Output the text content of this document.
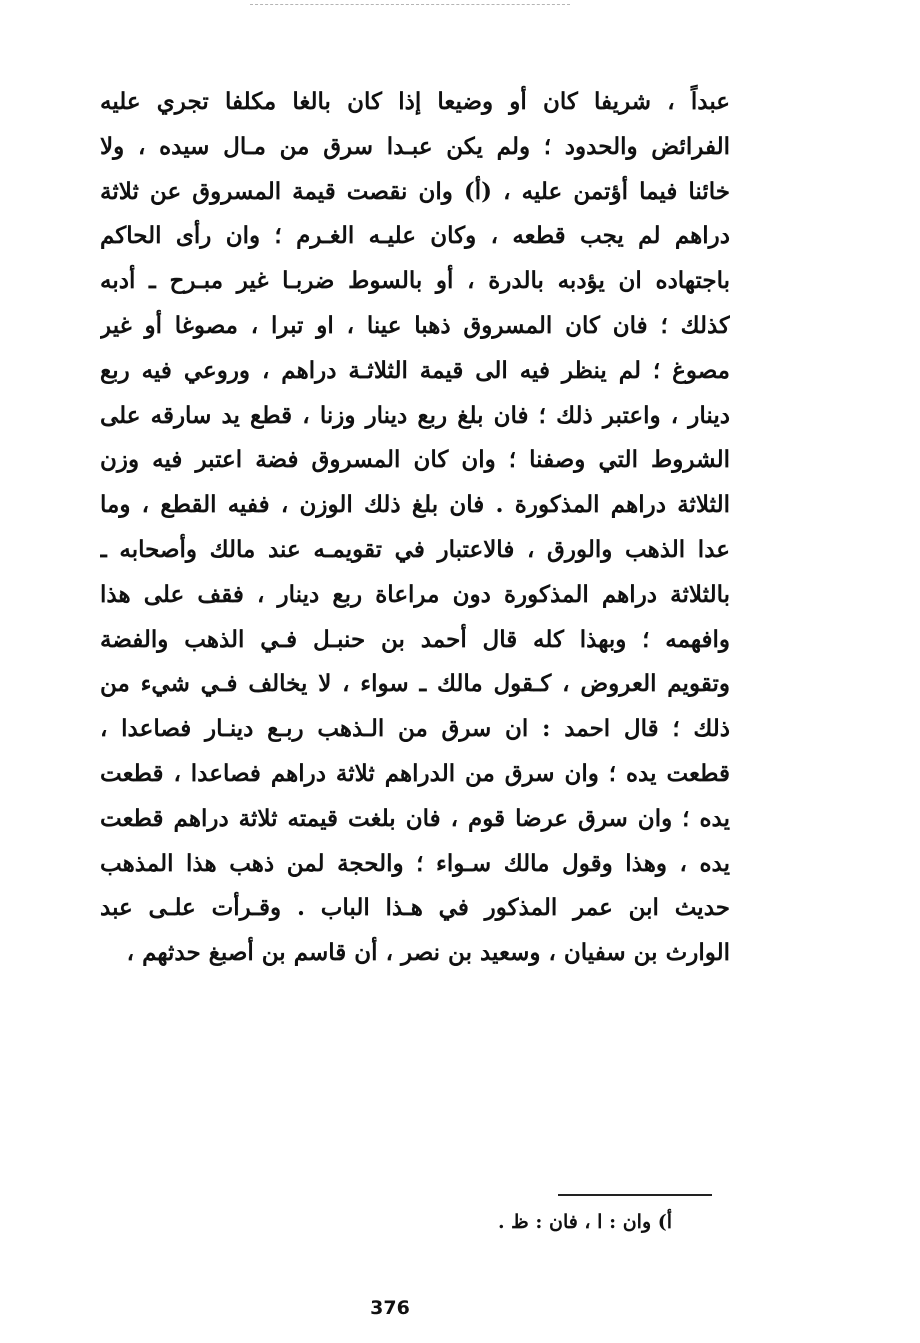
عبداً ، شريفا كان أو وضيعا إذا كان بالغا مكلفا تجري عليه
الفرائض والحدود ؛ ولم يكن عبـدا سرق من مـال سيده ، ولا
خائنا فيما أؤتمن عليه ، (أ) وان نقصت قيمة المسروق عن ثلاثة
دراهم لم يجب قطعه ، وكان عليـه الغـرم ؛ وان رأى الحاكم
باجتهاده ان يؤدبه بالدرة ، أو بالسوط ضربـا غير مبـرح ـ أدبه
كذلك ؛ فان كان المسروق ذهبا عينا ، او تبرا ، مصوغا أو غير
مصوغ ؛ لم ينظر فيه الى قيمة الثلاثـة دراهم ، وروعي فيه ربع
دينار ، واعتبر ذلك ؛ فان بلغ ربع دينار وزنا ، قطع يد سارقه على
الشروط التي وصفنا ؛ وان كان المسروق فضة اعتبر فيه وزن
الثلاثة دراهم المذكورة . فان بلغ ذلك الوزن ، ففيه القطع ، وما
عدا الذهب والورق ، فالاعتبار في تقويمـه عند مالك وأصحابه ـ
بالثلاثة دراهم المذكورة دون مراعاة ربع دينار ، فقف على هذا
وافهمه ؛ وبهذا كله قال أحمد بن حنبـل فـي الذهب والفضة
وتقويم العروض ، كـقول مالك ـ سواء ، لا يخالف فـي شيء من
ذلك ؛ قال احمد : ان سرق من الـذهب ربـع دينـار فصاعدا ،
قطعت يده ؛ وان سرق من الدراهم ثلاثة دراهم فصاعدا ، قطعت
يده ؛ وان سرق عرضا قوم ، فان بلغت قيمته ثلاثة دراهم قطعت
يده ، وهذا وقول مالك سـواء ؛ والحجة لمن ذهب هذا المذهب
حديث ابن عمر المذكور في هـذا الباب . وقـرأت علـى عبد
الوارث بن سفيان ، وسعيد بن نصر ، أن قاسم بن أصبغ حدثهم ،
أ) وان : ا ، فان : ظ .
376
